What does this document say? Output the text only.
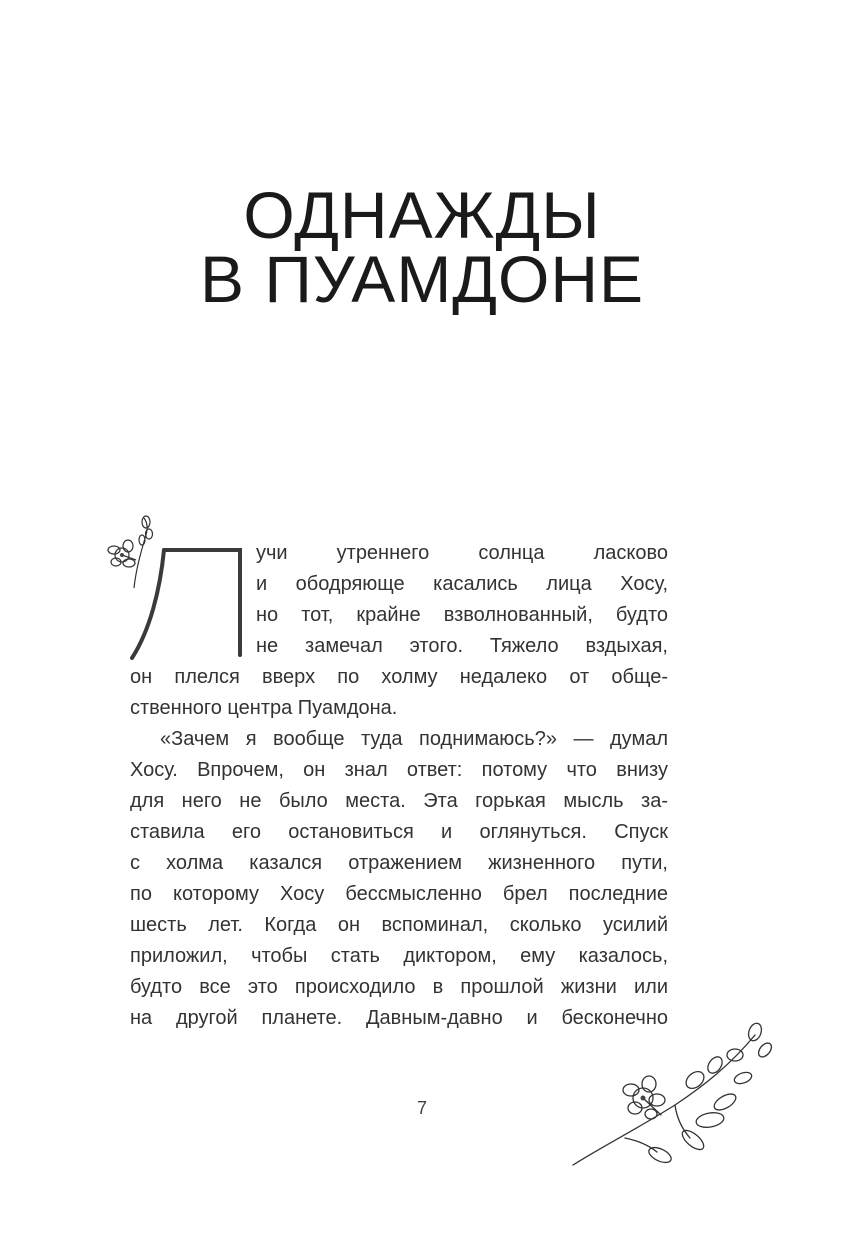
ОДНАЖДЫ
В ПУАМДОНЕ
Л
учи утреннего солнца ласково
и ободряюще касались лица Хосу,
но тот, крайне взволнованный, будто
не замечал этого. Тяжело вздыхая,
он плелся вверх по холму недалеко от обще-
ственного центра Пуамдона.
«Зачем я вообще туда поднимаюсь?» — думал
Хосу. Впрочем, он знал ответ: потому что внизу
для него не было места. Эта горькая мысль за-
ставила его остановиться и оглянуться. Спуск
с холма казался отражением жизненного пути,
по которому Хосу бессмысленно брел последние
шесть лет. Когда он вспоминал, сколько усилий
приложил, чтобы стать диктором, ему казалось,
будто все это происходило в прошлой жизни или
на другой планете. Давным-давно и бесконечно
7
